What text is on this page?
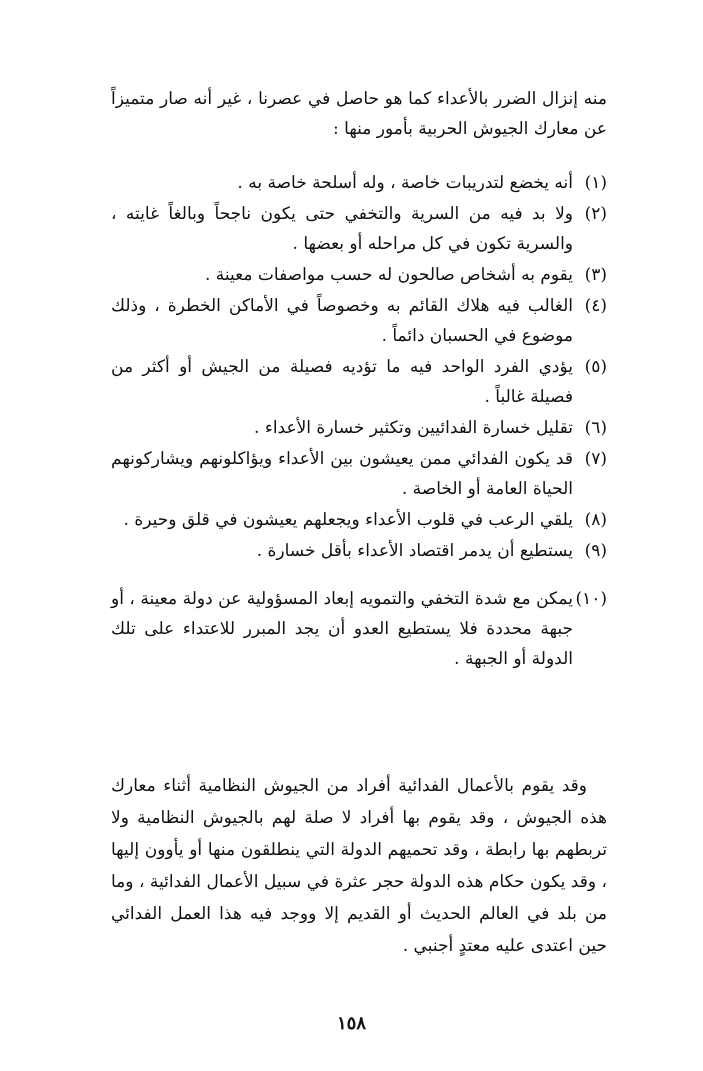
منه إنزال الضرر بالأعداء كما هو حاصل في عصرنا ، غير أنه صار متميزاً عن معارك الجيوش الحربية بأمور منها :

(١)
أنه يخضع لتدريبات خاصة ، وله أسلحة خاصة به .
(٢)
ولا بد فيه من السرية والتخفي حتى يكون ناجحاً وبالغاً غايته ، والسرية تكون في كل مراحله أو بعضها .
(٣)
يقوم به أشخاص صالحون له حسب مواصفات معينة .
(٤)
الغالب فيه هلاك القائم به وخصوصاً في الأماكن الخطرة ، وذلك موضوع في الحسبان دائماً .
(٥)
يؤدي الفرد الواحد فيه ما تؤديه فصيلة من الجيش أو أكثر من فصيلة غالباً .
(٦)
تقليل خسارة الفدائيين وتكثير خسارة الأعداء .
(٧)
قد يكون الفدائي ممن يعيشون بين الأعداء ويؤاكلونهم ويشاركونهم الحياة العامة أو الخاصة .
(٨)
يلقي الرعب في قلوب الأعداء ويجعلهم يعيشون في قلق وحيرة .
(٩)
يستطيع أن يدمر اقتصاد الأعداء بأقل خسارة .
(١٠)
يمكن مع شدة التخفي والتمويه إبعاد المسؤولية عن دولة معينة ، أو جبهة محددة فلا يستطيع العدو أن يجد المبرر للاعتداء على تلك الدولة أو الجبهة .

وقد يقوم بالأعمال الفدائية أفراد من الجيوش النظامية أثناء معارك هذه الجيوش ، وقد يقوم بها أفراد لا صلة لهم بالجيوش النظامية ولا تربطهم بها رابطة ، وقد تحميهم الدولة التي ينطلقون منها أو يأوون إليها ، وقد يكون حكام هذه الدولة حجر عثرة في سبيل الأعمال الفدائية ، وما من بلد في العالم الحديث أو القديم إلا ووجد فيه هذا العمل الفدائي حين اعتدى عليه معتدٍ أجنبي .

١٥٨
